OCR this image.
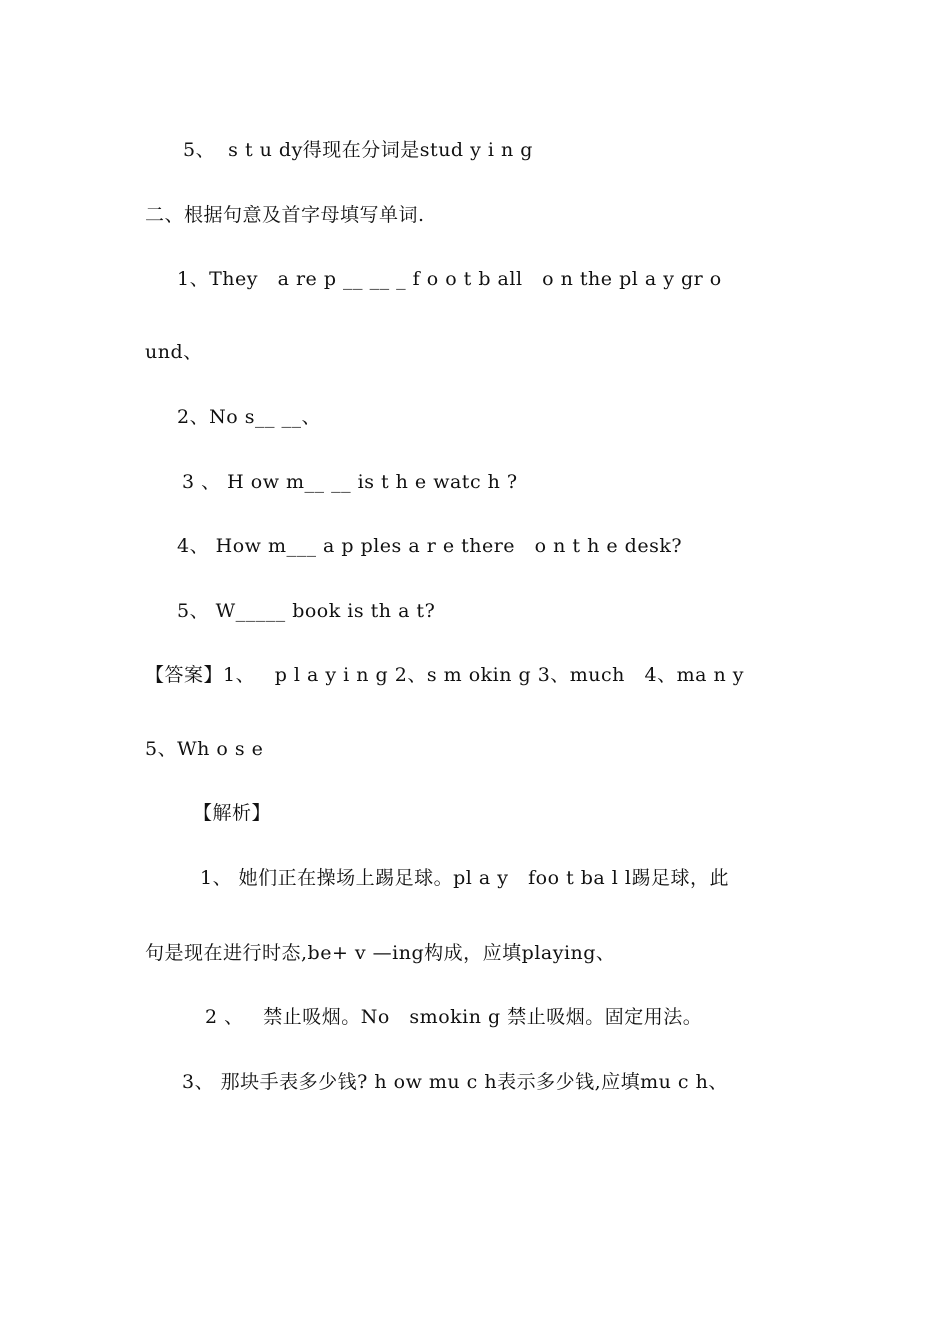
5、  s t u dy得现在分词是stud y i n g
二、根据句意及首字母填写单词.
1、They   a re p __ __ _ f o o t b all   o n the pl a y gr o
und、
2、No s__ __、
3 、 H ow m__ __ is t h e watc h ?
4、 How m___ a p ples a r e there   o n t h e desk?
5、 W_____ book is th a t?
【答案】1、   p l a y i n g 2、s m okin g 3、much   4、ma n y
5、Wh o s e
【解析】
1、 她们正在操场上踢足球。pl a y   foo t ba l l踢足球，此
句是现在进行时态,be+ v —ing构成，应填playing、
2 、   禁止吸烟。No   smokin g 禁止吸烟。固定用法。
3、 那块手表多少钱? h ow mu c h表示多少钱,应填mu c h、
